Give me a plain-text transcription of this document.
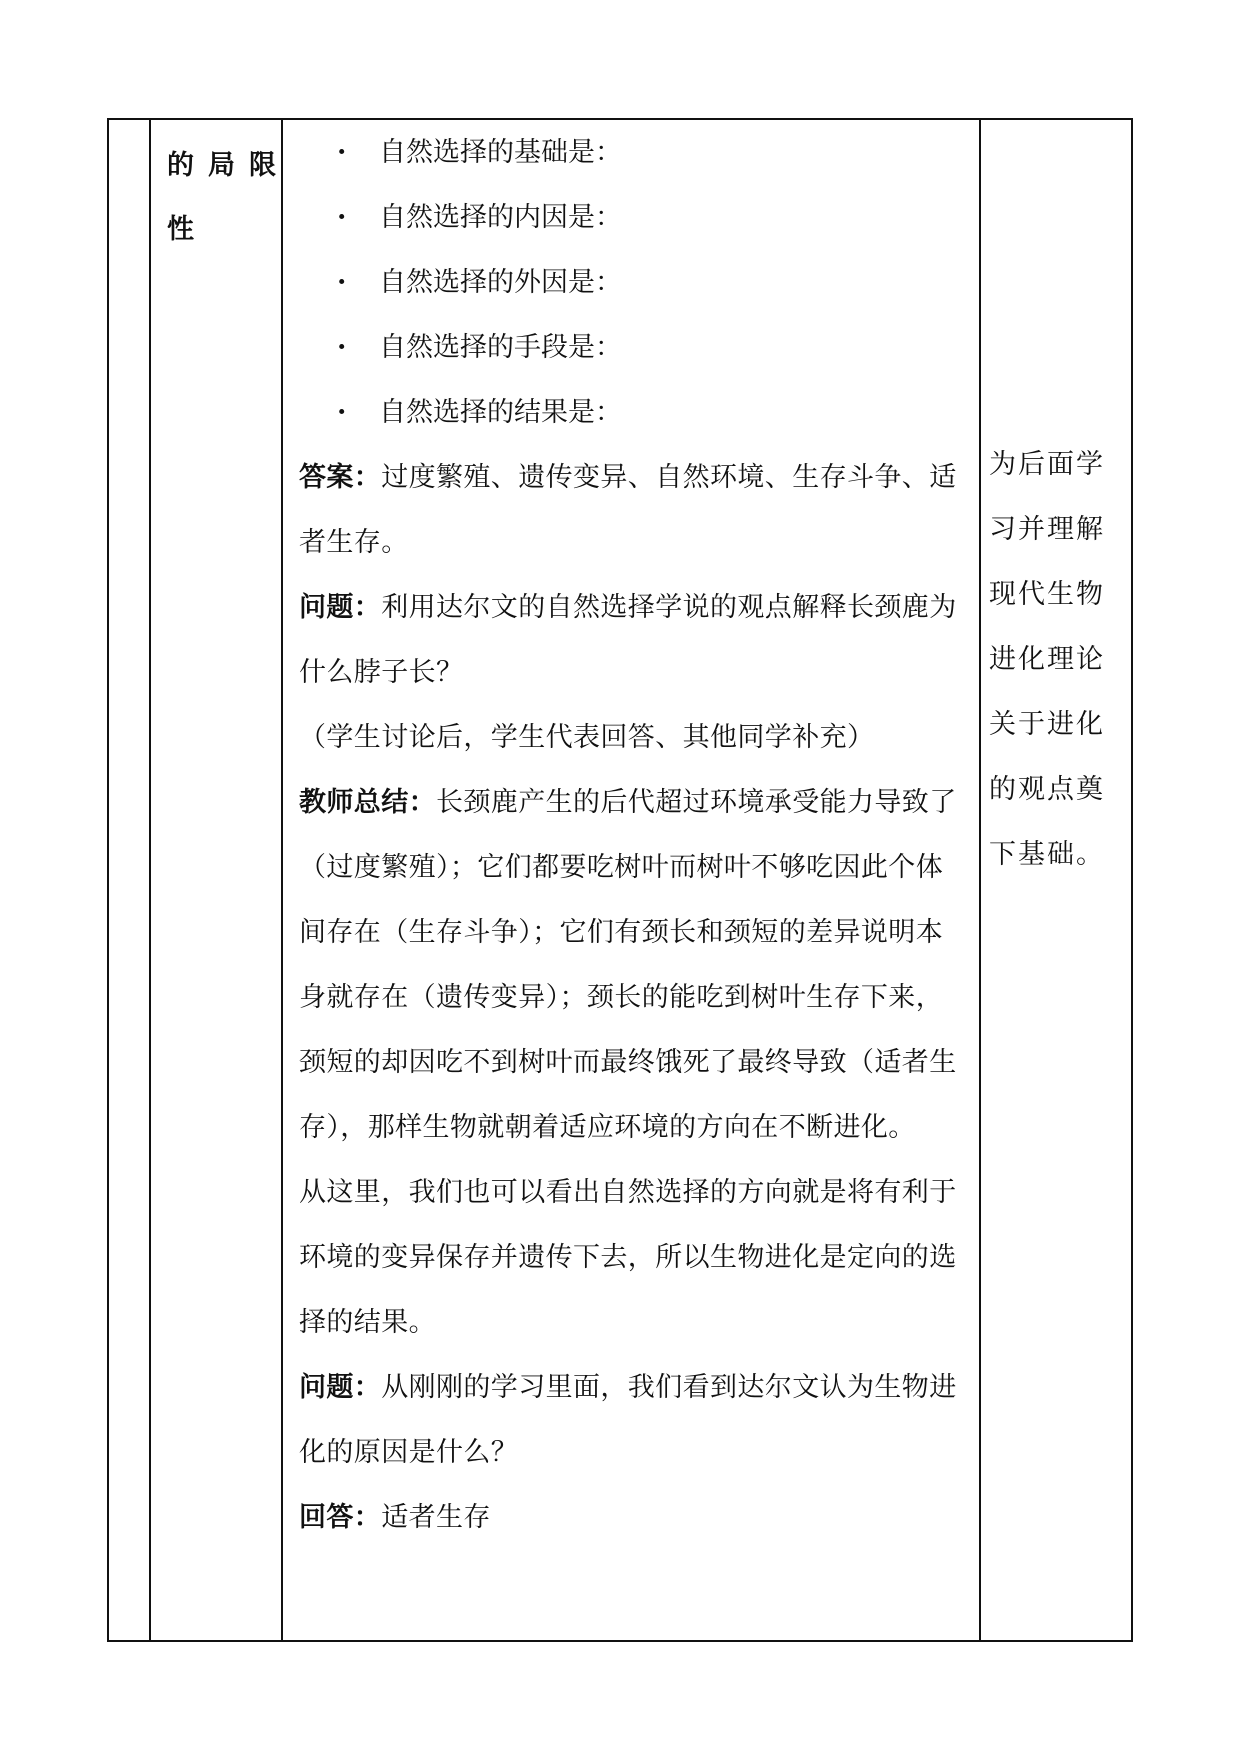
的局限
性
· 自然选择的基础是：
· 自然选择的内因是：
· 自然选择的外因是：
· 自然选择的手段是：
· 自然选择的结果是：

答案：过度繁殖、遗传变异、自然环境、生存斗争、适者生存。

问题：利用达尔文的自然选择学说的观点解释长颈鹿为什么脖子长？

（学生讨论后，学生代表回答、其他同学补充）

教师总结：长颈鹿产生的后代超过环境承受能力导致了（过度繁殖）；它们都要吃树叶而树叶不够吃因此个体间存在（生存斗争）；它们有颈长和颈短的差异说明本身就存在（遗传变异）；颈长的能吃到树叶生存下来，颈短的却因吃不到树叶而最终饿死了最终导致（适者生存），那样生物就朝着适应环境的方向在不断进化。

从这里，我们也可以看出自然选择的方向就是将有利于环境的变异保存并遗传下去，所以生物进化是定向的选择的结果。

问题：从刚刚的学习里面，我们看到达尔文认为生物进化的原因是什么？

回答：适者生存

为后面学
习并理解
现代生物
进化理论
关于进化
的观点奠
下基础。
